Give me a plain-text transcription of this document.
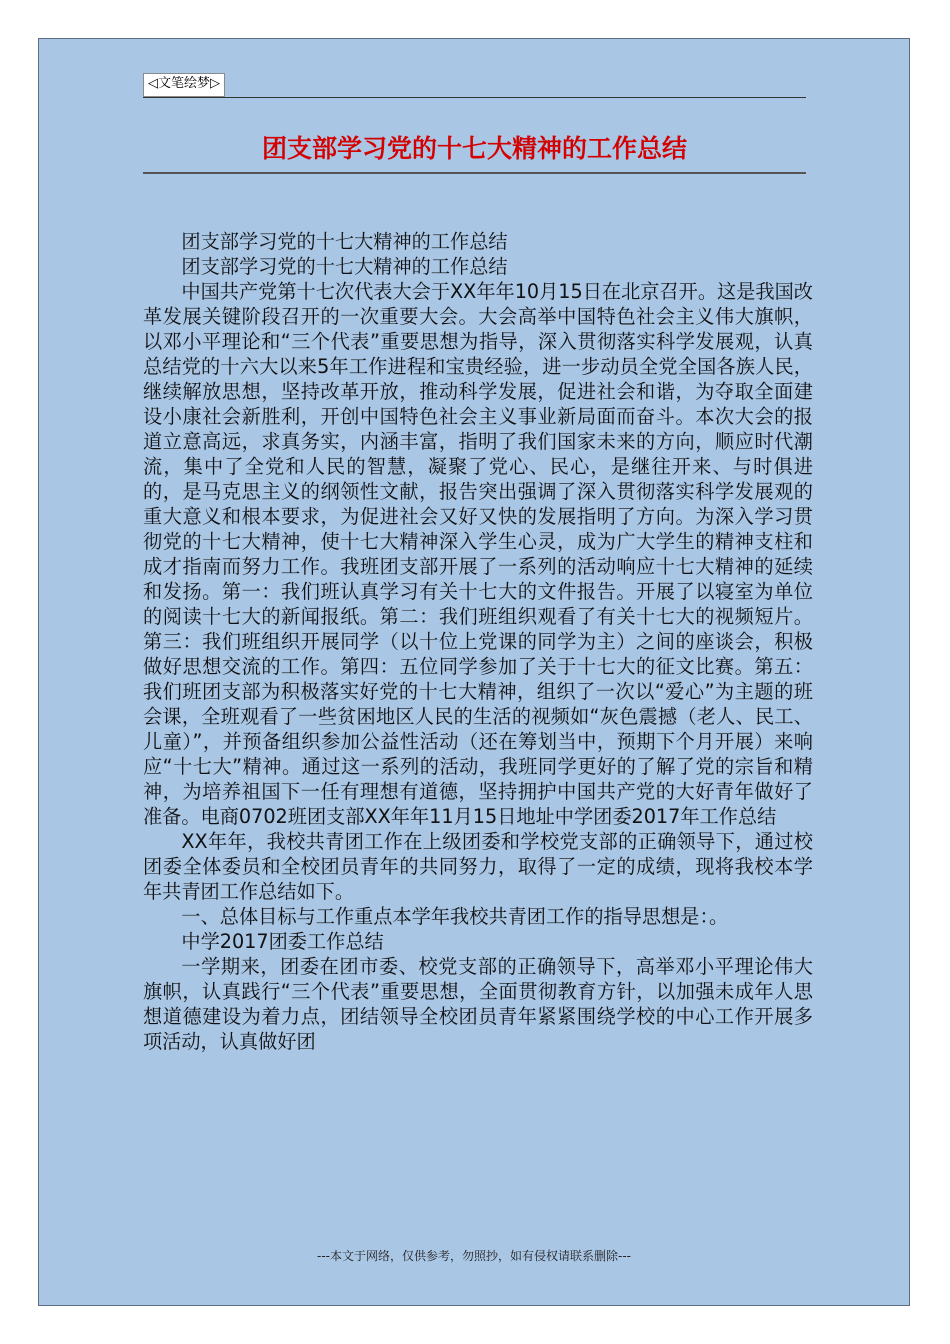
◁文笔绘梦▷
团支部学习党的十七大精神的工作总结

团支部学习党的十七大精神的工作总结

团支部学习党的十七大精神的工作总结

中国共产党第十七次代表大会于XX年年10月15日在北京召开。这是我国改革发展关键阶段召开的一次重要大会。大会高举中国特色社会主义伟大旗帜，以邓小平理论和“三个代表”重要思想为指导，深入贯彻落实科学发展观，认真总结党的十六大以来5年工作进程和宝贵经验，进一步动员全党全国各族人民，继续解放思想，坚持改革开放，推动科学发展，促进社会和谐，为夺取全面建设小康社会新胜利，开创中国特色社会主义事业新局面而奋斗。本次大会的报道立意高远，求真务实，内涵丰富，指明了我们国家未来的方向，顺应时代潮流，集中了全党和人民的智慧，凝聚了党心、民心，是继往开来、与时俱进的，是马克思主义的纲领性文献，报告突出强调了深入贯彻落实科学发展观的重大意义和根本要求，为促进社会又好又快的发展指明了方向。为深入学习贯彻党的十七大精神，使十七大精神深入学生心灵，成为广大学生的精神支柱和成才指南而努力工作。我班团支部开展了一系列的活动响应十七大精神的延续和发扬。第一：我们班认真学习有关十七大的文件报告。开展了以寝室为单位的阅读十七大的新闻报纸。第二：我们班组织观看了有关十七大的视频短片。第三：我们班组织开展同学（以十位上党课的同学为主）之间的座谈会，积极做好思想交流的工作。第四：五位同学参加了关于十七大的征文比赛。第五：我们班团支部为积极落实好党的十七大精神，组织了一次以“爱心”为主题的班会课，全班观看了一些贫困地区人民的生活的视频如“灰色震撼（老人、民工、儿童）”，并预备组织参加公益性活动（还在筹划当中，预期下个月开展）来响应“十七大”精神。通过这一系列的活动，我班同学更好的了解了党的宗旨和精神，为培养祖国下一任有理想有道德，坚持拥护中国共产党的大好青年做好了准备。电商0702班团支部XX年年11月15日地址中学团委2017年工作总结

XX年年，我校共青团工作在上级团委和学校党支部的正确领导下，通过校团委全体委员和全校团员青年的共同努力，取得了一定的成绩，现将我校本学年共青团工作总结如下。

一、总体目标与工作重点本学年我校共青团工作的指导思想是：。

中学2017团委工作总结

一学期来，团委在团市委、校党支部的正确领导下，高举邓小平理论伟大旗帜，认真践行“三个代表”重要思想，全面贯彻教育方针，以加强未成年人思想道德建设为着力点，团结领导全校团员青年紧紧围绕学校的中心工作开展多项活动，认真做好团

---本文于网络，仅供参考，勿照抄，如有侵权请联系删除---
